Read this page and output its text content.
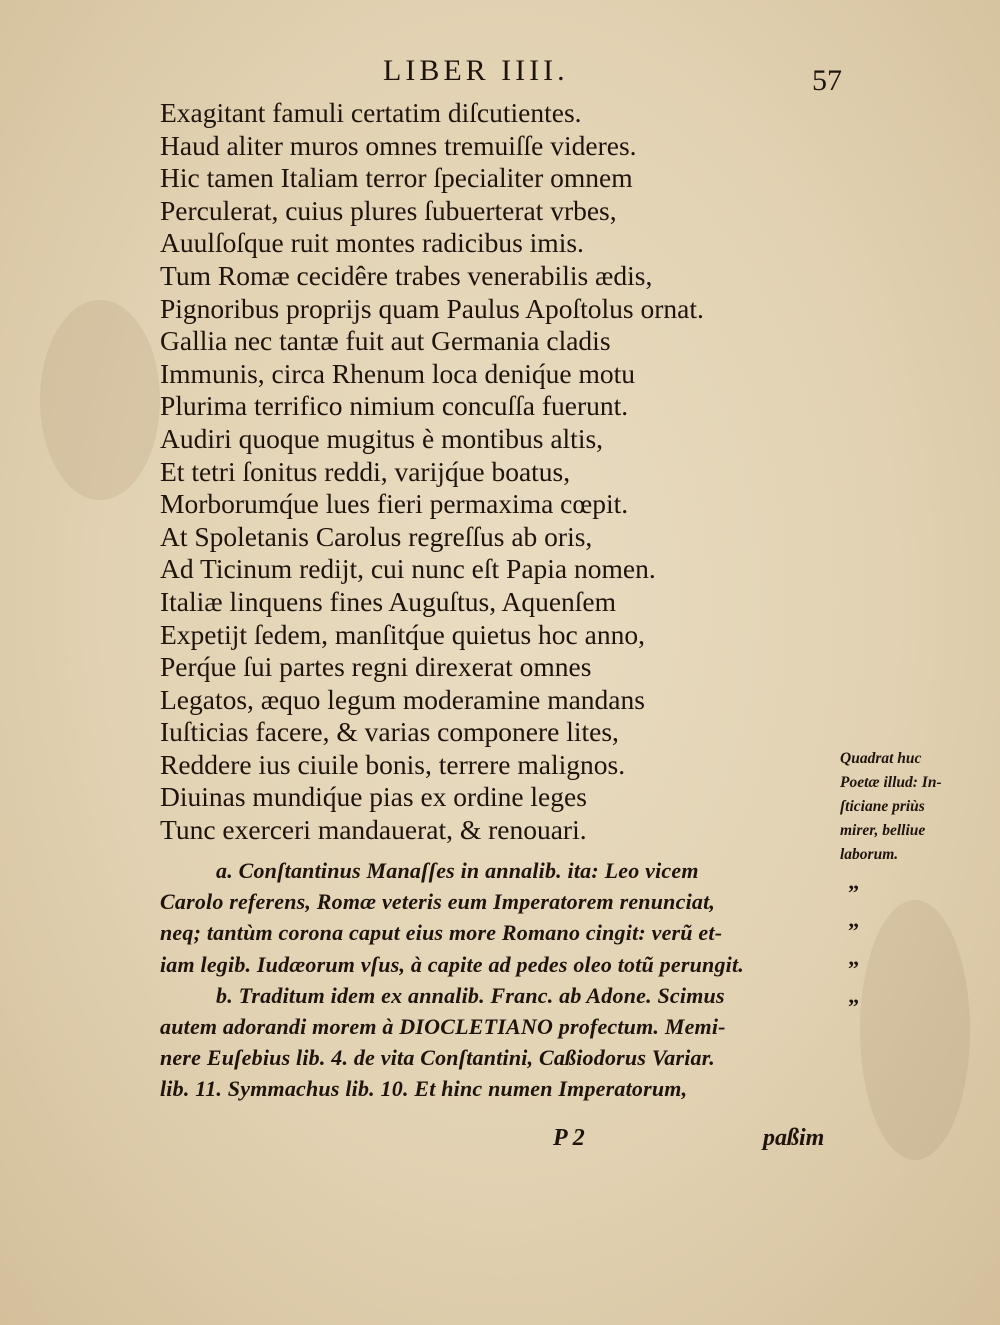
LIBER IIII.	57
Exagitant famuli certatim diſcutientes.
Haud aliter muros omnes tremuiſſe videres.
Hic tamen Italiam terror ſpecialiter omnem
Perculerat, cuius plures ſubuerterat vrbes,
Auulſoſque ruit montes radicibus imis.
Tum Romæ cecidêre trabes venerabilis ædis,
Pignoribus proprijs quam Paulus Apoſtolus ornat.
Gallia nec tantæ fuit aut Germania cladis
Immunis, circa Rhenum loca deniq́ue motu
Plurima terrifico nimium concuſſa fuerunt.
Audiri quoque mugitus è montibus altis,
Et tetri ſonitus reddi, varijq́ue boatus,
Morborumq́ue lues fieri permaxima cœpit.
At Spoletanis Carolus regreſſus ab oris,
Ad Ticinum redijt, cui nunc eſt Papia nomen.
Italiæ linquens fines Auguſtus, Aquenſem
Expetijt ſedem, manſitq́ue quietus hoc anno,
Perq́ue ſui partes regni direxerat omnes
Legatos, æquo legum moderamine mandans
Iuſticias facere, & varias componere lites,
Reddere ius ciuile bonis, terrere malignos.
Diuinas mundiq́ue pias ex ordine leges
Tunc exerceri mandauerat, & renouari.
Quadrat huc
Poetæ illud: In-
ſticiane priùs
mirer, belliue
laborum.
a. Conſtantinus Manaſſes in annalib. ita: Leo vicem
Carolo referens, Romæ veteris eum Imperatorem renunciat,
neq; tantùm corona caput eius more Romano cingit: verũ et-
iam legib. Iudæorum vſus, à capite ad pedes oleo totũ perungit.
b. Traditum idem ex annalib. Franc. ab Adone. Scimus
autem adorandi morem à DIOCLETIANO profectum. Memi-
nere Euſebius lib. 4. de vita Conſtantini, Caßiodorus Variar.
lib. 11. Symmachus lib. 10. Et hinc numen Imperatorum,
”
”
”
”
P 2	paßim
